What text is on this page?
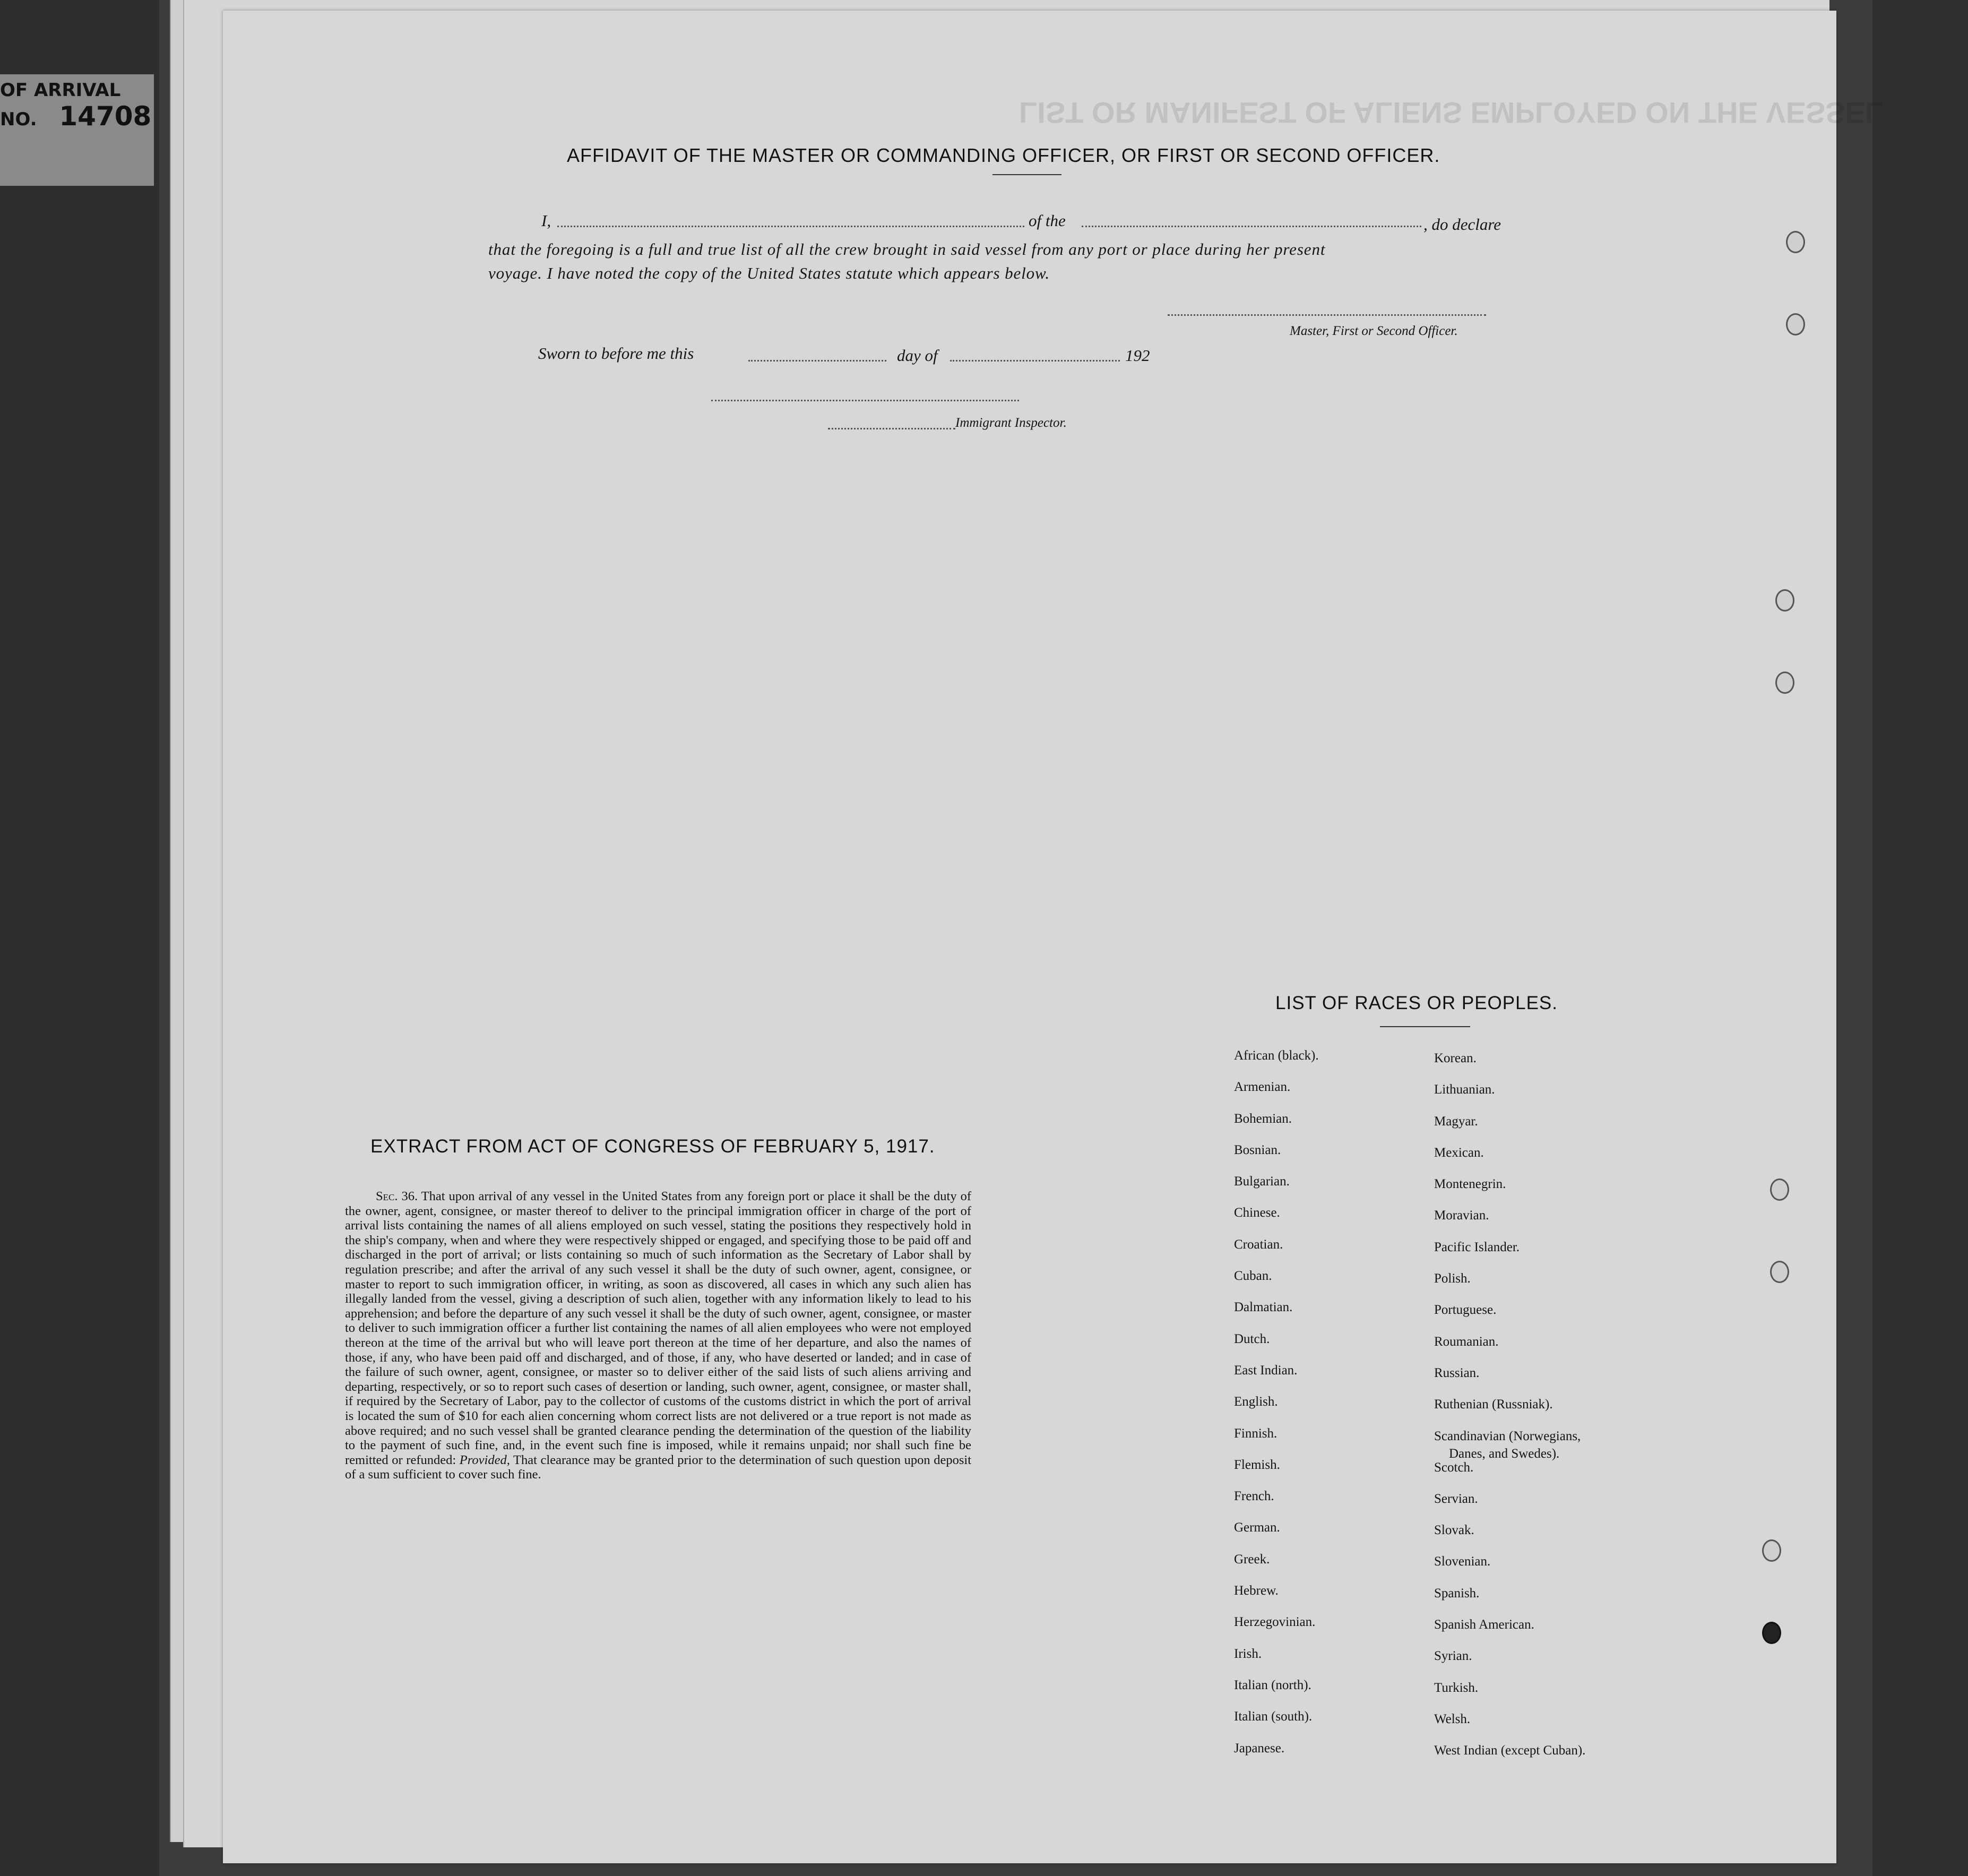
OF ARRIVAL
NO. 14708	LIST OR MANIFEST OF ALIENS EMPLOYED ON THE VESSEL
AFFIDAVIT OF THE MASTER OR COMMANDING OFFICER, OR FIRST OR SECOND OFFICER.
I,	of the	, do declare
that the foregoing is a full and true list of all the crew brought in said vessel from any port or place during her present
voyage. I have noted the copy of the United States statute which appears below.
Master, First or Second Officer.
Sworn to before me this	day of	192
Immigrant Inspector.
EXTRACT FROM ACT OF CONGRESS OF FEBRUARY 5, 1917.

Sec. 36. That upon arrival of any vessel in the United States from any foreign port or place it shall be the duty of the owner, agent, consignee, or master thereof to deliver to the principal immigration officer in charge of the port of arrival lists containing the names of all aliens employed on such vessel, stating the positions they respectively hold in the ship's company, when and where they were respectively shipped or engaged, and specifying those to be paid off and discharged in the port of arrival; or lists containing so much of such information as the Secretary of Labor shall by regulation prescribe; and after the arrival of any such vessel it shall be the duty of such owner, agent, consignee, or master to report to such immigration officer, in writing, as soon as discovered, all cases in which any such alien has illegally landed from the vessel, giving a description of such alien, together with any information likely to lead to his apprehension; and before the departure of any such vessel it shall be the duty of such owner, agent, consignee, or master to deliver to such immigration officer a further list containing the names of all alien employees who were not employed thereon at the time of the arrival but who will leave port thereon at the time of her departure, and also the names of those, if any, who have been paid off and discharged, and of those, if any, who have deserted or landed; and in case of the failure of such owner, agent, consignee, or master so to deliver either of the said lists of such aliens arriving and departing, respectively, or so to report such cases of desertion or landing, such owner, agent, consignee, or master shall, if required by the Secretary of Labor, pay to the collector of customs of the customs district in which the port of arrival is located the sum of $10 for each alien concerning whom correct lists are not delivered or a true report is not made as above required; and no such vessel shall be granted clearance pending the determination of the question of the liability to the payment of such fine, and, in the event such fine is imposed, while it remains unpaid; nor shall such fine be remitted or refunded: Provided, That clearance may be granted prior to the determination of such question upon deposit of a sum sufficient to cover such fine.

LIST OF RACES OR PEOPLES.
African (black).
Armenian.
Bohemian.
Bosnian.
Bulgarian.
Chinese.
Croatian.
Cuban.
Dalmatian.
Dutch.
East Indian.
English.
Finnish.
Flemish.
French.
German.
Greek.
Hebrew.
Herzegovinian.
Irish.
Italian (north).
Italian (south).
Japanese.
Korean.
Lithuanian.
Magyar.
Mexican.
Montenegrin.
Moravian.
Pacific Islander.
Polish.
Portuguese.
Roumanian.
Russian.
Ruthenian (Russniak).
Scandinavian (Norwegians,
Danes, and Swedes).
Scotch.
Servian.
Slovak.
Slovenian.
Spanish.
Spanish American.
Syrian.
Turkish.
Welsh.
West Indian (except Cuban).
